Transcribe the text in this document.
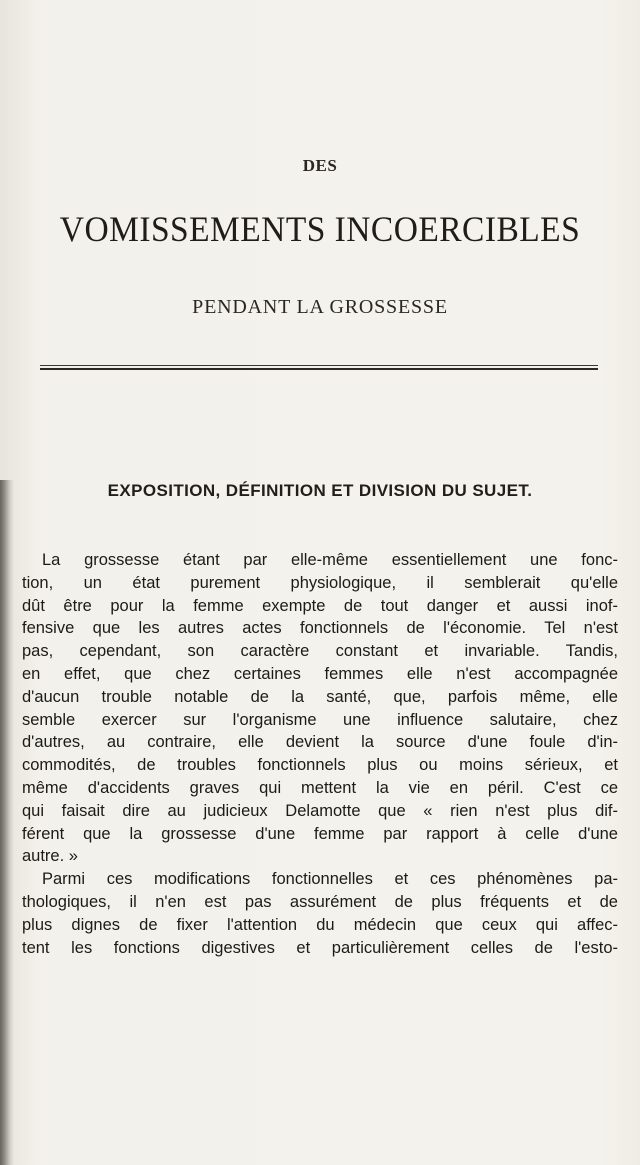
DES
VOMISSEMENTS INCOERCIBLES
PENDANT LA GROSSESSE
EXPOSITION, DÉFINITION ET DIVISION DU SUJET.
La grossesse étant par elle-même essentiellement une fonc-
tion, un état purement physiologique, il semblerait qu'elle
dût être pour la femme exempte de tout danger et aussi inof-
fensive que les autres actes fonctionnels de l'économie. Tel n'est
pas, cependant, son caractère constant et invariable. Tandis,
en effet, que chez certaines femmes elle n'est accompagnée
d'aucun trouble notable de la santé, que, parfois même, elle
semble exercer sur l'organisme une influence salutaire, chez
d'autres, au contraire, elle devient la source d'une foule d'in-
commodités, de troubles fonctionnels plus ou moins sérieux, et
même d'accidents graves qui mettent la vie en péril. C'est ce
qui faisait dire au judicieux Delamotte que « rien n'est plus dif-
férent que la grossesse d'une femme par rapport à celle d'une
autre. »
Parmi ces modifications fonctionnelles et ces phénomènes pa-
thologiques, il n'en est pas assurément de plus fréquents et de
plus dignes de fixer l'attention du médecin que ceux qui affec-
tent les fonctions digestives et particulièrement celles de l'esto-
